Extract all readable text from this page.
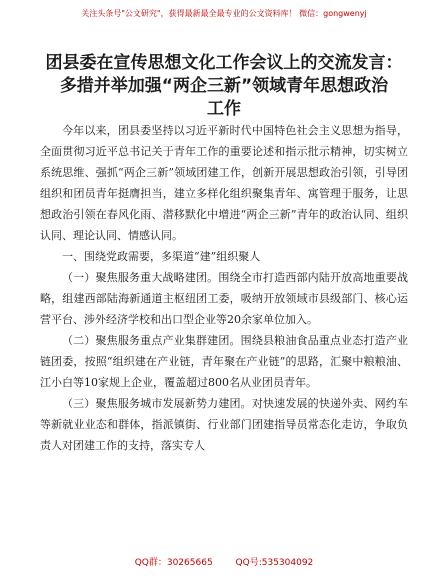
关注头条号"公文研究"，获得最新最全最专业的公文资料库！ 微信：gongwenyj
团县委在宣传思想文化工作会议上的交流发言：
多措并举加强“两企三新”领域青年思想政治
工作

今年以来，团县委坚持以习近平新时代中国特色社会主义思想为指导，全面贯彻习近平总书记关于青年工作的重要论述和指示批示精神，切实树立系统思维、强抓“两企三新”领域团建工作，创新开展思想政治引领，引导团组织和团员青年挺膺担当，建立多样化组织聚集青年、寓管理于服务，让思想政治引领在春风化雨、潜移默化中增进“两企三新”青年的政治认同、组织认同、理论认同、情感认同。

一、围绕党政需要，多渠道“建”组织聚人

（一）聚焦服务重大战略建团。围绕全市打造西部内陆开放高地重要战略，组建西部陆海新通道主枢纽团工委，吸纳开放领域市县级部门、核心运营平台、涉外经济学校和出口型企业等20余家单位加入。

（二）聚焦服务重点产业集群建团。围绕县粮油食品重点业态打造产业链团委，按照“组织建在产业链，青年聚在产业链”的思路，汇聚中粮粮油、江小白等10家规上企业，覆盖超过800名从业团员青年。

（三）聚焦服务城市发展新势力建团。对快速发展的快递外卖、网约车等新就业业态和群体，指派镇街、行业部门团建指导员常态化走访，争取负责人对团建工作的支持，落实专人

QQ群：30265665	QQ号:535304092
